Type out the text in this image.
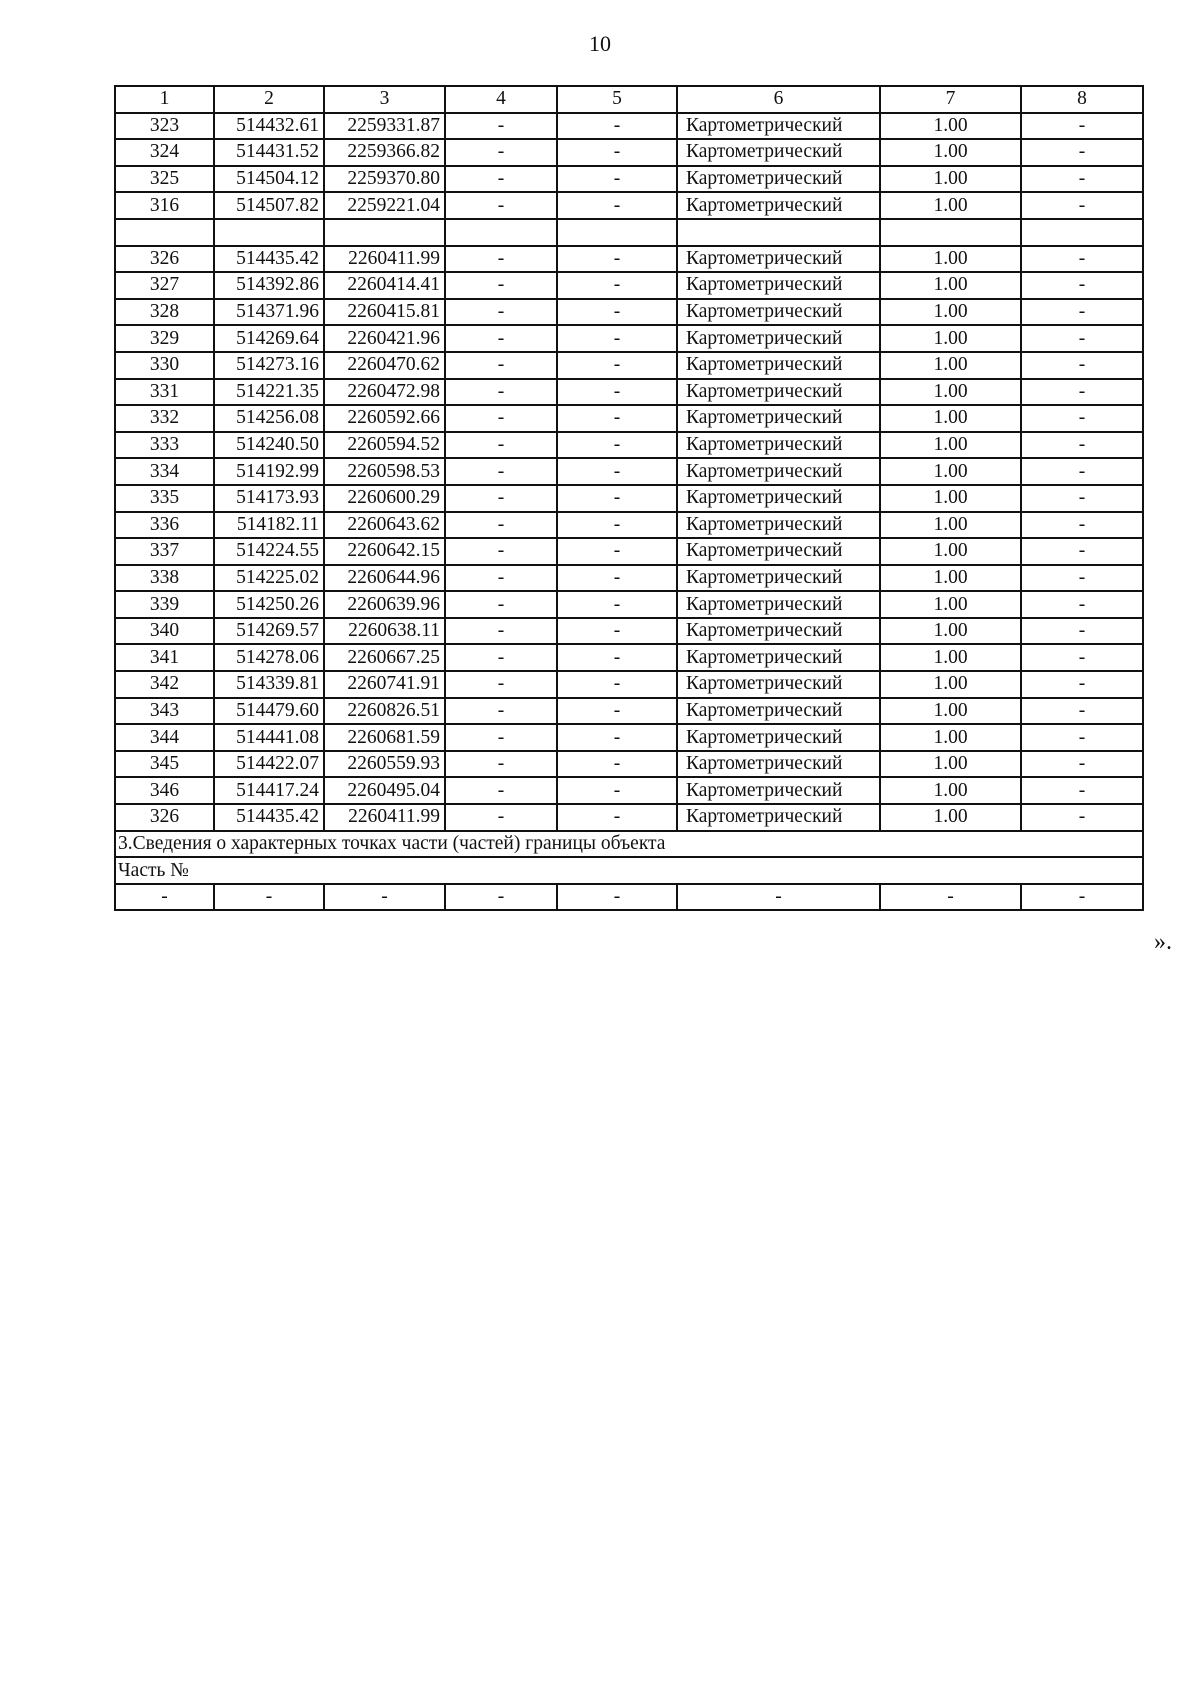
10
1	2	3	4	5	6	7	8
323	514432.61	2259331.87	-	-	Картометрический	1.00	-
324	514431.52	2259366.82	-	-	Картометрический	1.00	-
325	514504.12	2259370.80	-	-	Картометрический	1.00	-
316	514507.82	2259221.04	-	-	Картометрический	1.00	-

326	514435.42	2260411.99	-	-	Картометрический	1.00	-
327	514392.86	2260414.41	-	-	Картометрический	1.00	-
328	514371.96	2260415.81	-	-	Картометрический	1.00	-
329	514269.64	2260421.96	-	-	Картометрический	1.00	-
330	514273.16	2260470.62	-	-	Картометрический	1.00	-
331	514221.35	2260472.98	-	-	Картометрический	1.00	-
332	514256.08	2260592.66	-	-	Картометрический	1.00	-
333	514240.50	2260594.52	-	-	Картометрический	1.00	-
334	514192.99	2260598.53	-	-	Картометрический	1.00	-
335	514173.93	2260600.29	-	-	Картометрический	1.00	-
336	514182.11	2260643.62	-	-	Картометрический	1.00	-
337	514224.55	2260642.15	-	-	Картометрический	1.00	-
338	514225.02	2260644.96	-	-	Картометрический	1.00	-
339	514250.26	2260639.96	-	-	Картометрический	1.00	-
340	514269.57	2260638.11	-	-	Картометрический	1.00	-
341	514278.06	2260667.25	-	-	Картометрический	1.00	-
342	514339.81	2260741.91	-	-	Картометрический	1.00	-
343	514479.60	2260826.51	-	-	Картометрический	1.00	-
344	514441.08	2260681.59	-	-	Картометрический	1.00	-
345	514422.07	2260559.93	-	-	Картометрический	1.00	-
346	514417.24	2260495.04	-	-	Картометрический	1.00	-
326	514435.42	2260411.99	-	-	Картометрический	1.00	-
3.Сведения о характерных точках части (частей) границы объекта							
Часть №							
-	-	-	-	-	-	-	-
».
